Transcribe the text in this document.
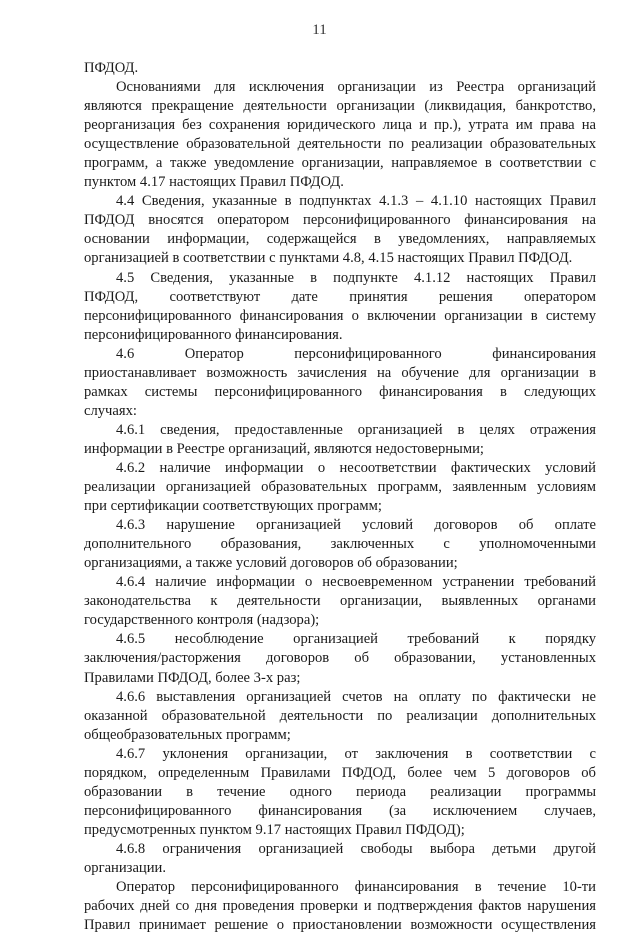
11
ПФДОД.
Основаниями для исключения организации из Реестра организаций
являются прекращение деятельности организации (ликвидация, банкротство,
реорганизация без сохранения юридического лица и пр.), утрата им права на
осуществление образовательной деятельности по реализации образовательных
программ, а также уведомление организации, направляемое в соответствии с
пунктом 4.17 настоящих Правил ПФДОД.
4.4 Сведения, указанные в подпунктах 4.1.3 – 4.1.10 настоящих Правил
ПФДОД вносятся оператором персонифицированного финансирования на
основании информации, содержащейся в уведомлениях, направляемых
организацией в соответствии с пунктами 4.8, 4.15 настоящих Правил ПФДОД.
4.5 Сведения, указанные в подпункте 4.1.12 настоящих Правил
ПФДОД, соответствуют дате принятия решения оператором
персонифицированного финансирования о включении организации в систему
персонифицированного финансирования.
4.6 Оператор персонифицированного финансирования
приостанавливает возможность зачисления на обучение для организации в
рамках системы персонифицированного финансирования в следующих
случаях:
4.6.1 сведения, предоставленные организацией в целях отражения
информации в Реестре организаций, являются недостоверными;
4.6.2 наличие информации о несоответствии фактических условий
реализации организацией образовательных программ, заявленным условиям
при сертификации соответствующих программ;
4.6.3 нарушение организацией условий договоров об оплате
дополнительного образования, заключенных с уполномоченными
организациями, а также условий договоров об образовании;
4.6.4 наличие информации о несвоевременном устранении требований
законодательства к деятельности организации, выявленных органами
государственного контроля (надзора);
4.6.5 несоблюдение организацией требований к порядку
заключения/расторжения договоров об образовании, установленных
Правилами ПФДОД, более 3-х раз;
4.6.6 выставления организацией счетов на оплату по фактически не
оказанной образовательной деятельности по реализации дополнительных
общеобразовательных программ;
4.6.7 уклонения организации, от заключения в соответствии с
порядком, определенным Правилами ПФДОД, более чем 5 договоров об
образовании в течение одного периода реализации программы
персонифицированного финансирования (за исключением случаев,
предусмотренных пунктом 9.17 настоящих Правил ПФДОД);
4.6.8 ограничения организацией свободы выбора детьми другой
организации.
Оператор персонифицированного финансирования в течение 10-ти
рабочих дней со дня проведения проверки и подтверждения фактов нарушения
Правил принимает решение о приостановлении возможности осуществления
